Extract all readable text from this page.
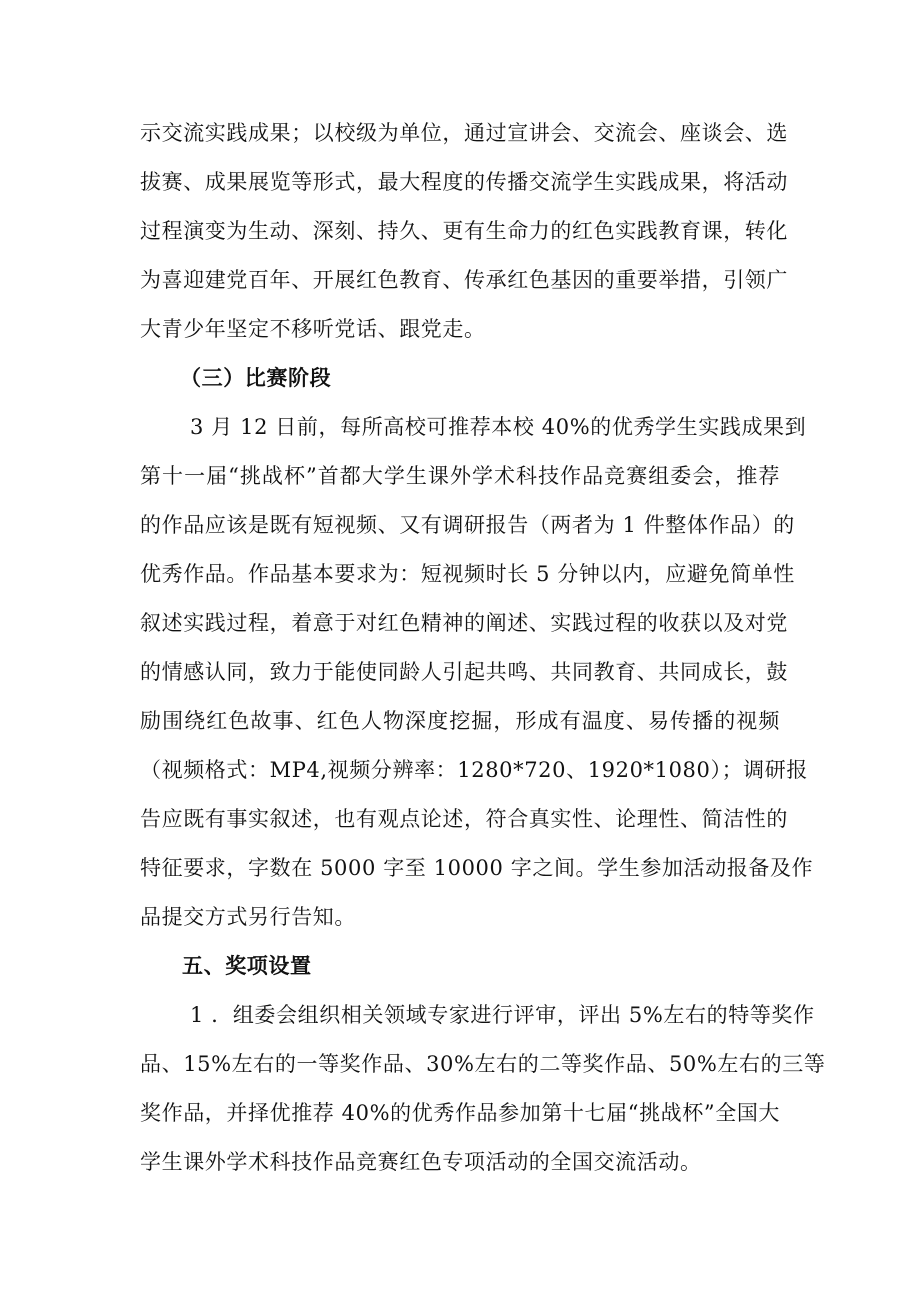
示交流实践成果；以校级为单位，通过宣讲会、交流会、座谈会、选
拔赛、成果展览等形式，最大程度的传播交流学生实践成果，将活动
过程演变为生动、深刻、持久、更有生命力的红色实践教育课，转化
为喜迎建党百年、开展红色教育、传承红色基因的重要举措，引领广
大青少年坚定不移听党话、跟党走。
（三）比赛阶段
3 月 12 日前，每所高校可推荐本校 40%的优秀学生实践成果到
第十一届“挑战杯”首都大学生课外学术科技作品竞赛组委会，推荐
的作品应该是既有短视频、又有调研报告（两者为 1 件整体作品）的
优秀作品。作品基本要求为：短视频时长 5 分钟以内，应避免简单性
叙述实践过程，着意于对红色精神的阐述、实践过程的收获以及对党
的情感认同，致力于能使同龄人引起共鸣、共同教育、共同成长，鼓
励围绕红色故事、红色人物深度挖掘，形成有温度、易传播的视频
（视频格式：MP4,视频分辨率：1280*720、1920*1080）；调研报
告应既有事实叙述，也有观点论述，符合真实性、论理性、简洁性的
特征要求，字数在 5000 字至 10000 字之间。学生参加活动报备及作
品提交方式另行告知。
五、奖项设置
1 ．组委会组织相关领域专家进行评审，评出 5%左右的特等奖作
品、15%左右的一等奖作品、30%左右的二等奖作品、50%左右的三等
奖作品，并择优推荐 40%的优秀作品参加第十七届“挑战杯”全国大
学生课外学术科技作品竞赛红色专项活动的全国交流活动。
